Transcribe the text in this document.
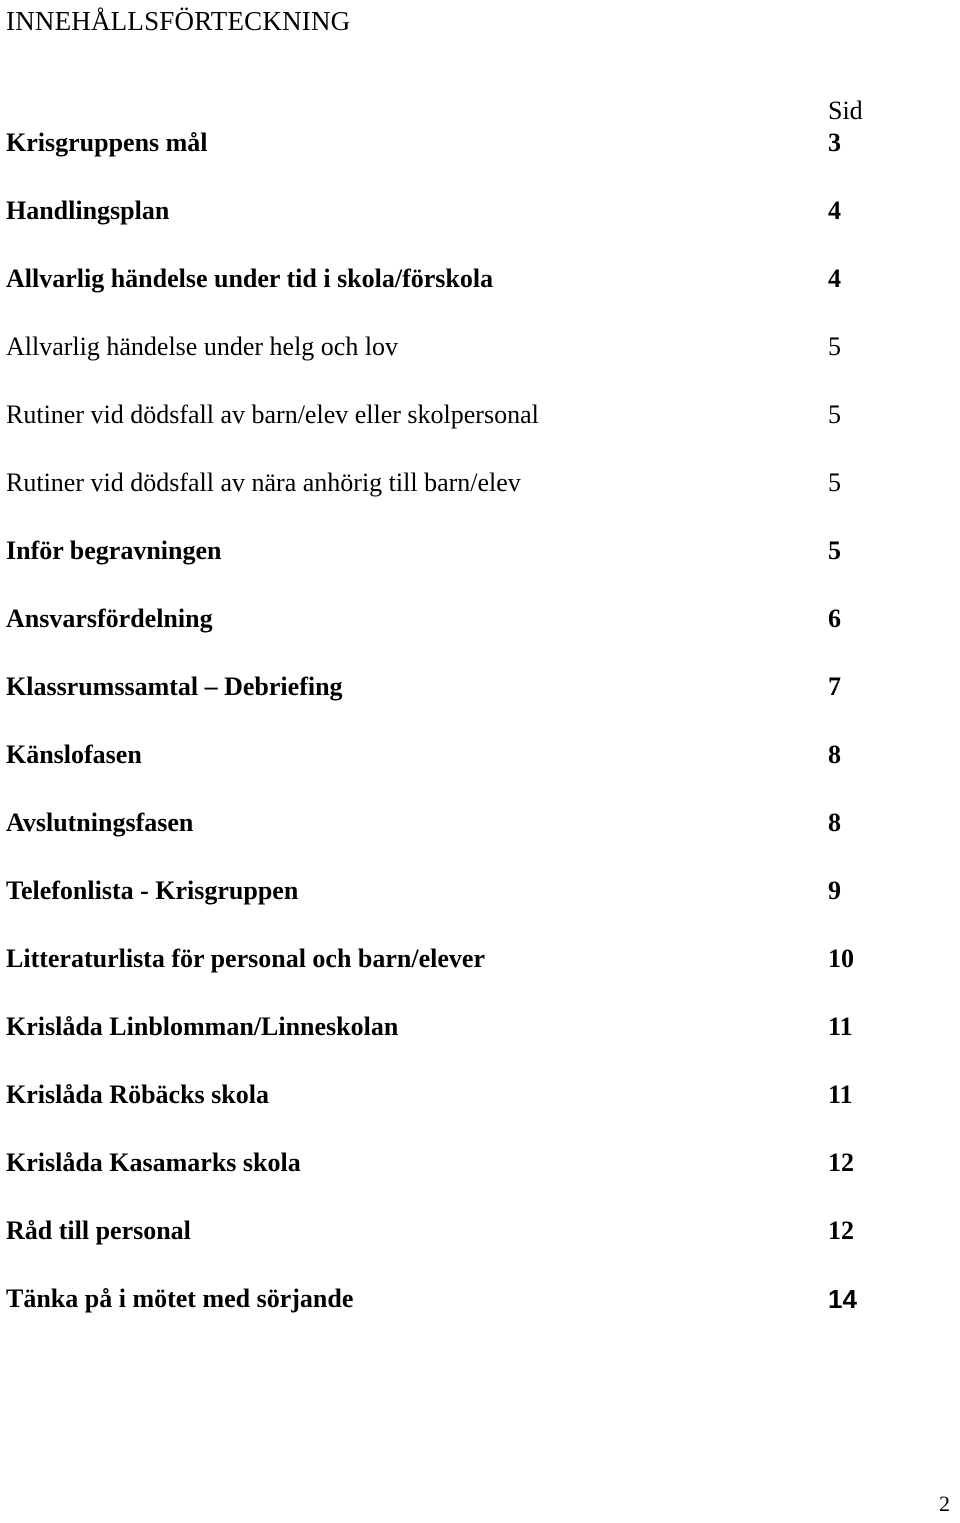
INNEHÅLLSFÖRTECKNING
Sid
Krisgruppens mål	3
Handlingsplan	4
Allvarlig händelse under tid i skola/förskola	4
Allvarlig händelse under helg och lov	5
Rutiner vid dödsfall av barn/elev eller skolpersonal	5
Rutiner vid dödsfall av nära anhörig till barn/elev	5
Inför begravningen	5
Ansvarsfördelning	6
Klassrumssamtal – Debriefing	7
Känslofasen	8
Avslutningsfasen	8
Telefonlista - Krisgruppen	9
Litteraturlista för personal och barn/elever	10
Krislåda Linblomman/Linneskolan	11
Krislåda Röbäcks skola	11
Krislåda Kasamarks skola	12
Råd till personal	12
Tänka på i mötet med sörjande	14
2
